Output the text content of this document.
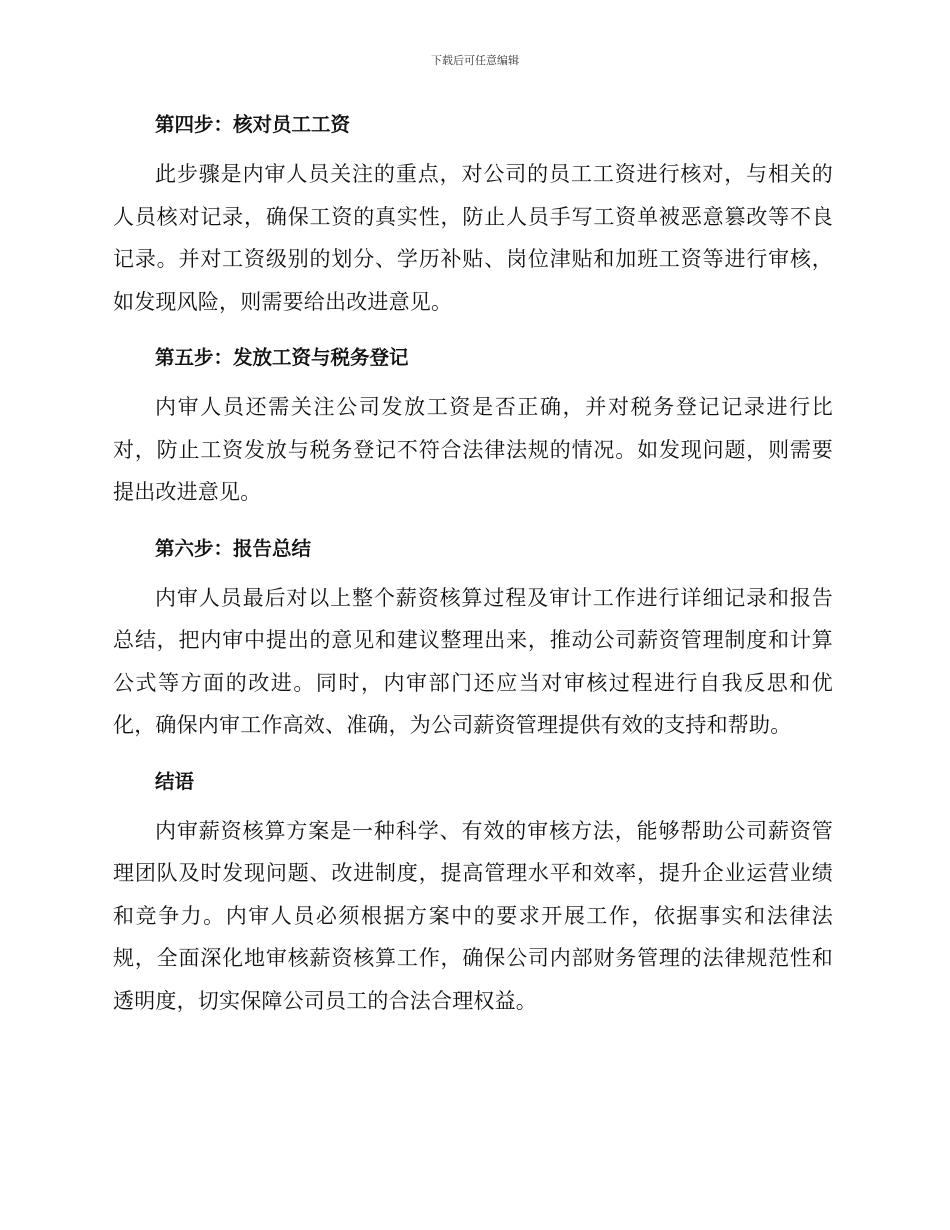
下载后可任意编辑
第四步：核对员工工资

此步骤是内审人员关注的重点，对公司的员工工资进行核对，与相关的人员核对记录，确保工资的真实性，防止人员手写工资单被恶意篡改等不良记录。并对工资级别的划分、学历补贴、岗位津贴和加班工资等进行审核，如发现风险，则需要给出改进意见。

第五步：发放工资与税务登记

内审人员还需关注公司发放工资是否正确，并对税务登记记录进行比对，防止工资发放与税务登记不符合法律法规的情况。如发现问题，则需要提出改进意见。

第六步：报告总结

内审人员最后对以上整个薪资核算过程及审计工作进行详细记录和报告总结，把内审中提出的意见和建议整理出来，推动公司薪资管理制度和计算公式等方面的改进。同时，内审部门还应当对审核过程进行自我反思和优化，确保内审工作高效、准确，为公司薪资管理提供有效的支持和帮助。

结语

内审薪资核算方案是一种科学、有效的审核方法，能够帮助公司薪资管理团队及时发现问题、改进制度，提高管理水平和效率，提升企业运营业绩和竞争力。内审人员必须根据方案中的要求开展工作，依据事实和法律法规，全面深化地审核薪资核算工作，确保公司内部财务管理的法律规范性和透明度，切实保障公司员工的合法合理权益。
